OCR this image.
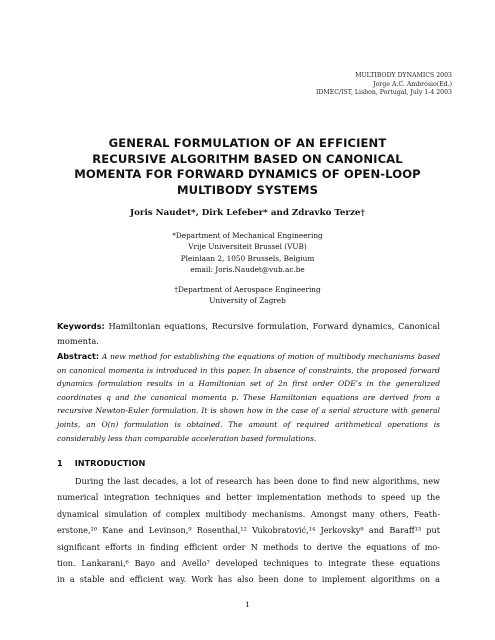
MULTIBODY DYNAMICS 2003
Jorge A.C. Ambrósio(Ed.)
IDMEC/IST, Lisbon, Portugal, July 1-4 2003
GENERAL FORMULATION OF AN EFFICIENT
RECURSIVE ALGORITHM BASED ON CANONICAL
MOMENTA FOR FORWARD DYNAMICS OF OPEN-LOOP
MULTIBODY SYSTEMS
Joris Naudet*, Dirk Lefeber* and Zdravko Terze†
*Department of Mechanical Engineering
Vrije Universiteit Brussel (VUB)
Pleinlaan 2, 1050 Brussels, Belgium
email: Joris.Naudet@vub.ac.be
†Department of Aerospace Engineering
University of Zagreb
Keywords: Hamiltonian equations, Recursive formulation, Forward dynamics, Canonical momenta.
Abstract: A new method for establishing the equations of motion of multibody mechanisms based on canonical momenta is introduced in this paper. In absence of constraints, the proposed forward dynamics formulation results in a Hamiltonian set of 2n first order ODE’s in the generalized coordinates q and the canonical momenta p. These Hamiltonian equations are derived from a recursive Newton-Euler formulation. It is shown how in the case of a serial structure with general joints, an O(n) formulation is obtained. The amount of required arithmetical operations is considerably less than comparable acceleration based formulations.
1 INTRODUCTION
During the last decades, a lot of research has been done to find new algorithms, new
numerical integration techniques and better implementation methods to speed up the
dynamical simulation of complex multibody mechanisms. Amongst many others, Feath-
erstone,¹⁰ Kane and Levinson,⁹ Rosenthal,¹² Vukobratović,¹⁴ Jerkovsky⁸ and Baraff¹³ put
significant efforts in finding efficient order N methods to derive the equations of mo-
tion. Lankarani,⁶ Bayo and Avello⁷ developed techniques to integrate these equations
in a stable and efficient way. Work has also been done to implement algorithms on a
1
